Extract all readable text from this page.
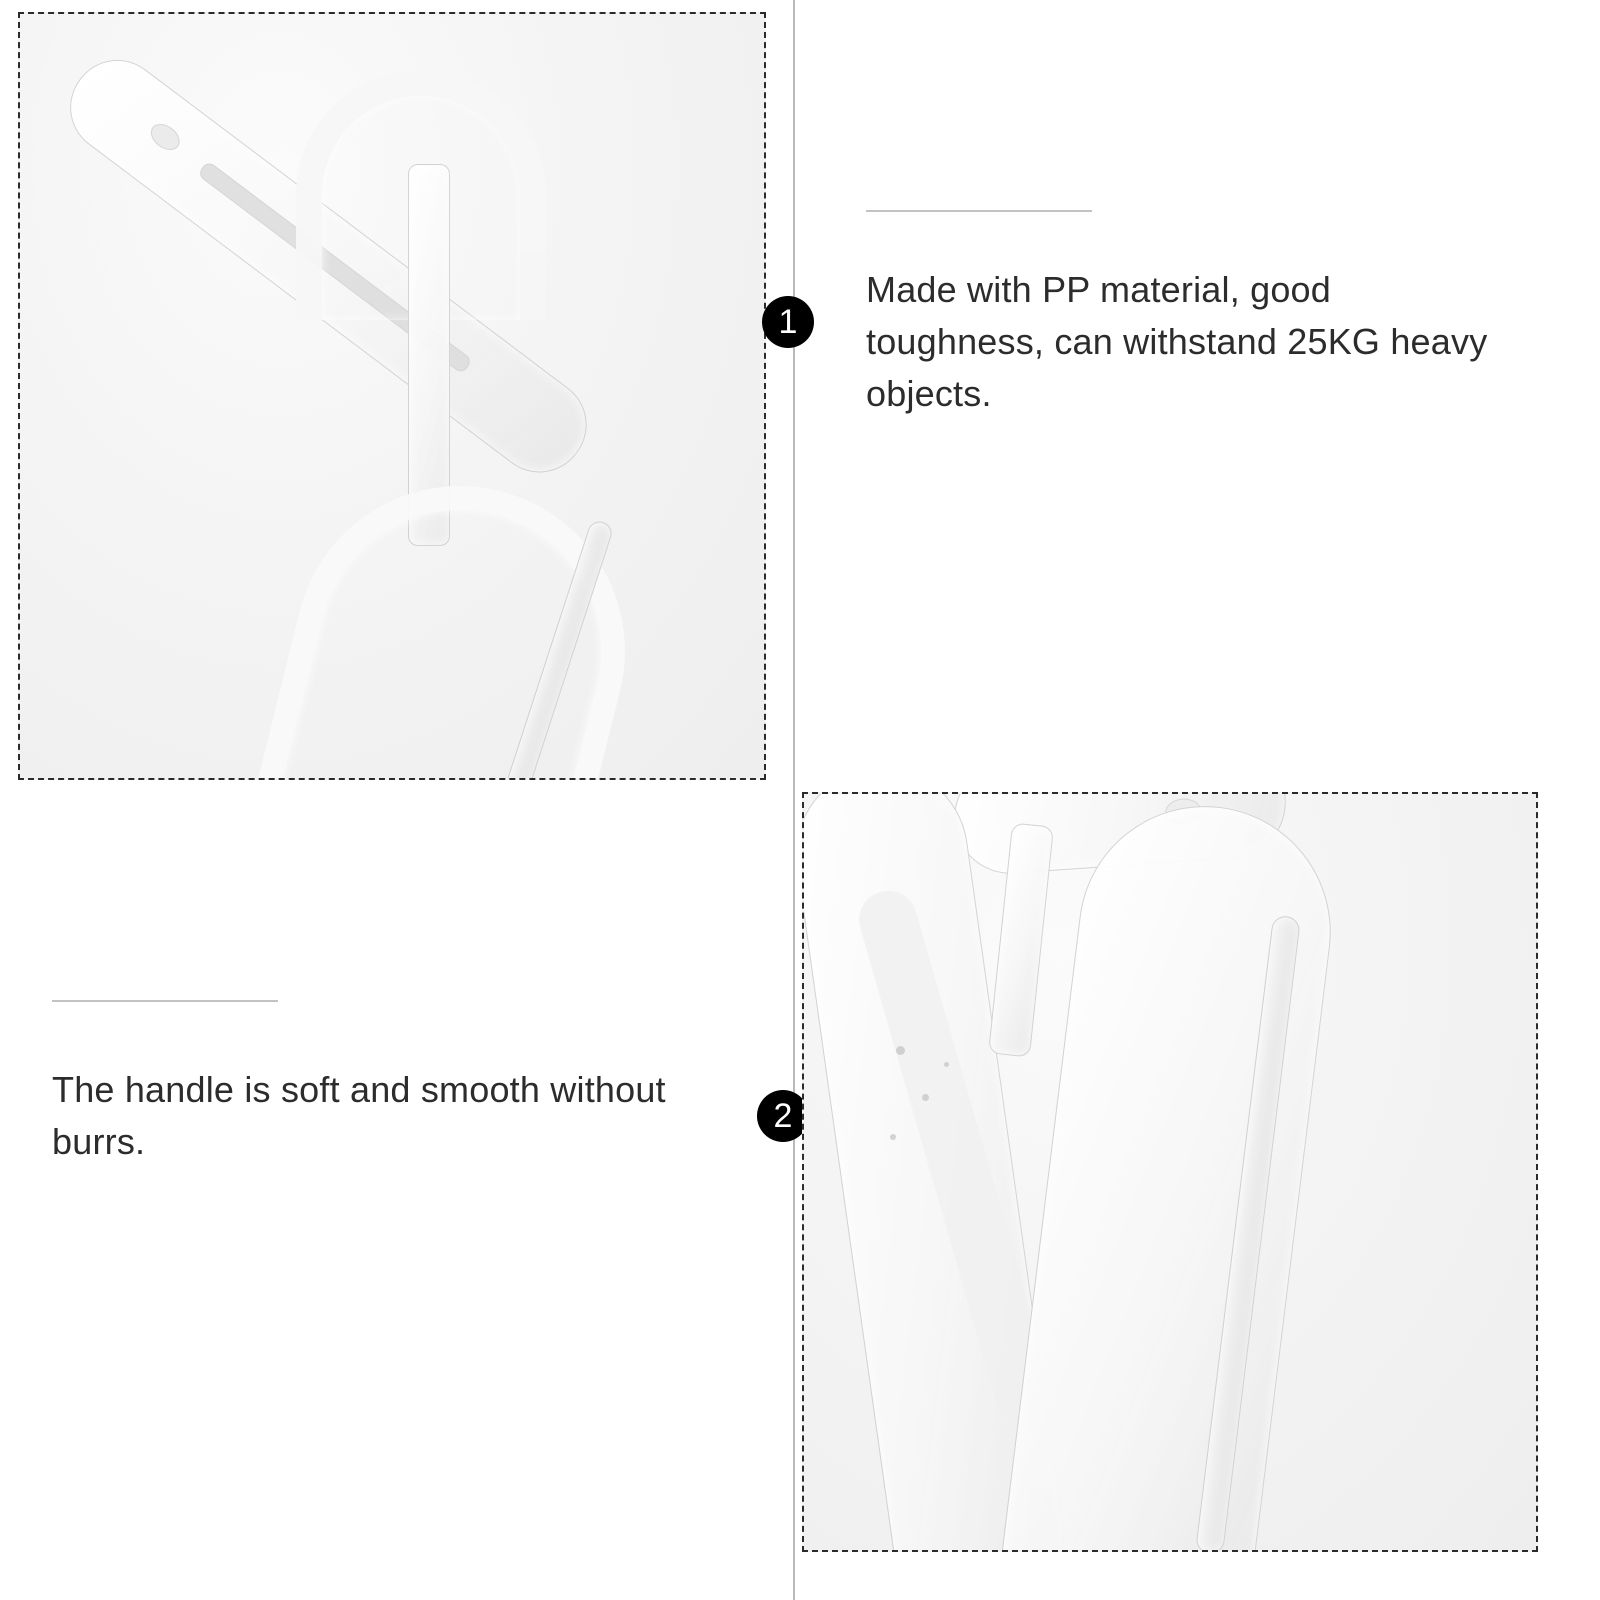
Made with PP material, good toughness, can withstand 25KG heavy objects.
1
The handle is soft and smooth without burrs.
2
